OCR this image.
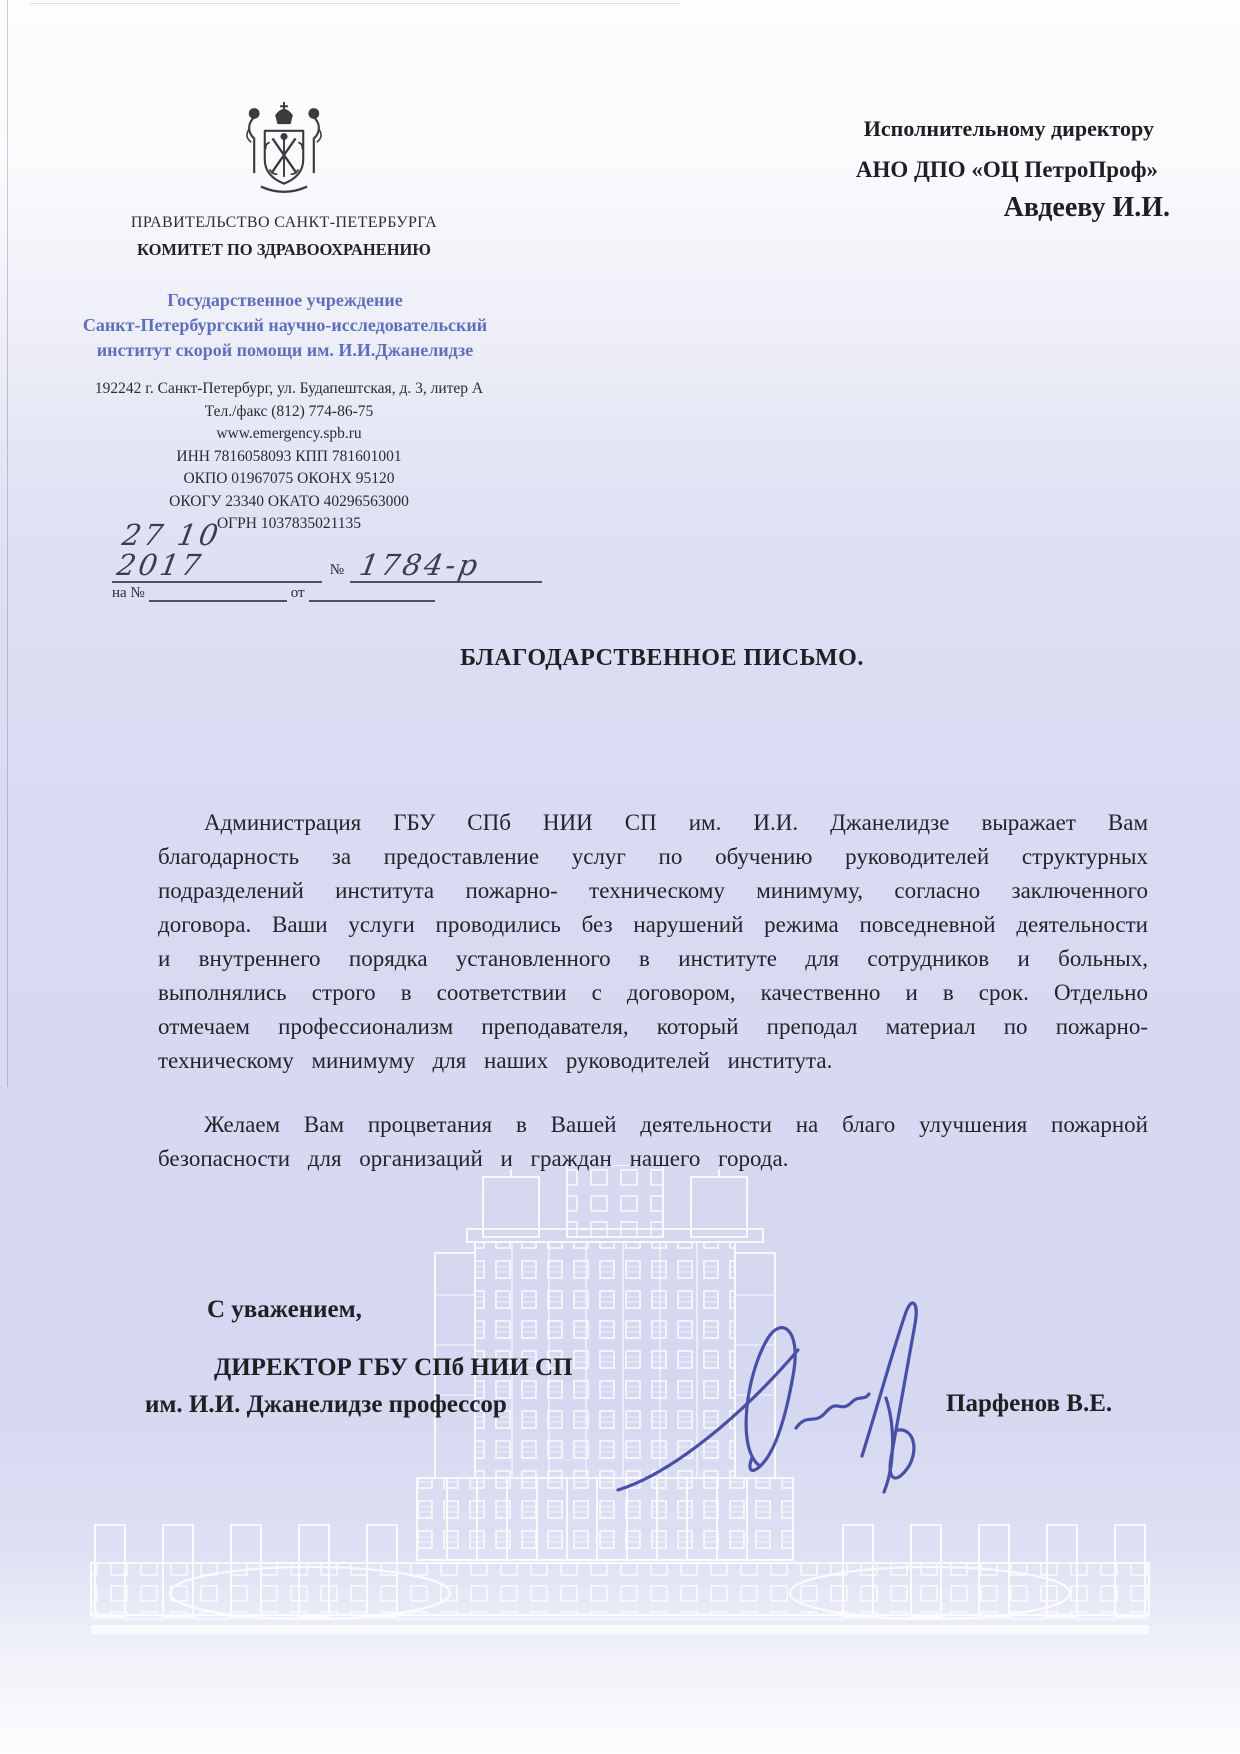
ПРАВИТЕЛЬСТВО САНКТ-ПЕТЕРБУРГА
КОМИТЕТ ПО ЗДРАВООХРАНЕНИЮ
Исполнительному директору
АНО ДПО «ОЦ ПетроПроф»
Авдееву И.И.
Государственное учреждение
Санкт-Петербургский научно-исследовательский
институт скорой помощи им. И.И.Джанелидзе
192242 г. Санкт-Петербург, ул. Будапештская, д. 3, литер А
Тел./факс (812) 774-86-75
www.emergency.spb.ru
ИНН 7816058093 КПП 781601001
ОКПО 01967075 ОКОНХ 95120
ОКОГУ 23340 ОКАТО 40296563000
ОГРН 1037835021135
27 10 2017	№ 1784-р
на №	от
БЛАГОДАРСТВЕННОЕ ПИСЬМО.

Администрация ГБУ СПб НИИ СП им. И.И. Джанелидзе выражает Вам благодарность за предоставление услуг по обучению руководителей структурных подразделений института пожарно- техническому минимуму, согласно заключенного договора. Ваши услуги проводились без нарушений режима повседневной деятельности и внутреннего порядка установленного в институте для сотрудников и больных, выполнялись строго в соответствии с договором, качественно и в срок. Отдельно отмечаем профессионализм преподавателя, который преподал материал по пожарно- техническому минимуму для наших руководителей института.

Желаем Вам процветания в Вашей деятельности на благо улучшения пожарной безопасности для организаций и граждан нашего города.

С уважением,
ДИРЕКТОР ГБУ СПб НИИ СП
им. И.И. Джанелидзе профессор	Парфенов В.Е.
